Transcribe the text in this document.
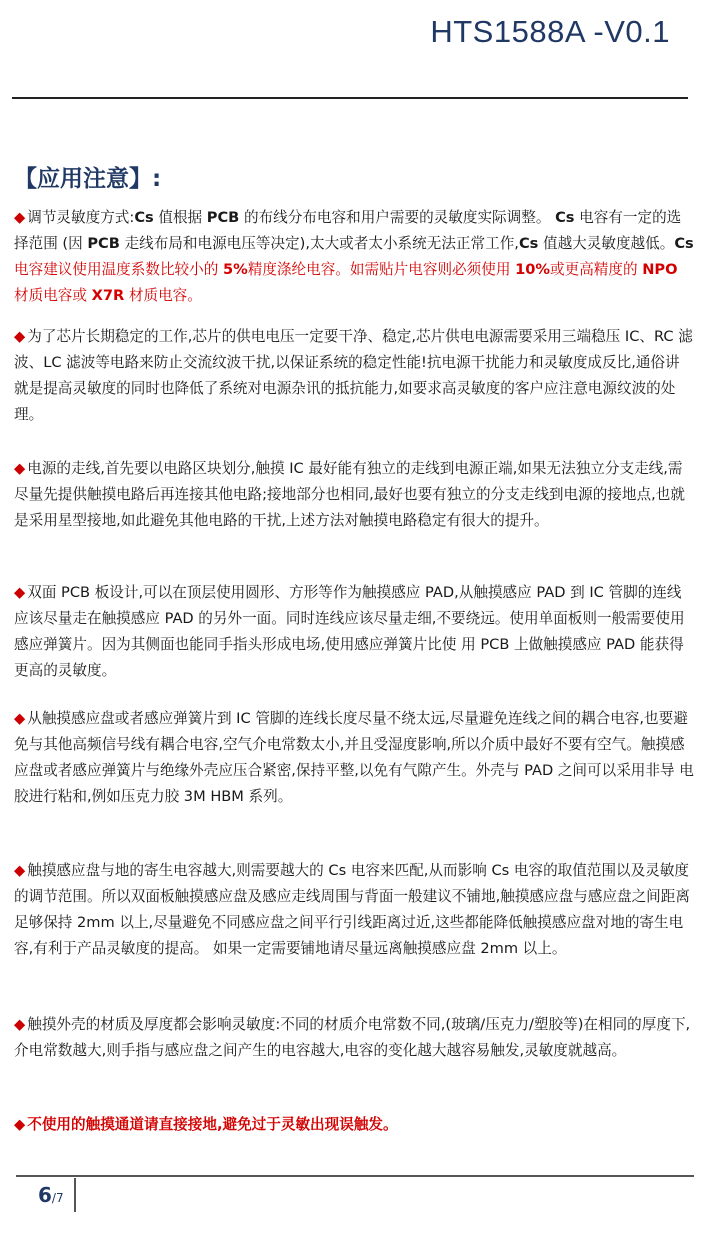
HTS1588A -V0.1
【应用注意】:

◆ 调节灵敏度方式:Cs 值根据 PCB 的布线分布电容和用户需要的灵敏度实际调整。 Cs 电容有一定的选择范围 (因 PCB 走线布局和电源电压等决定),太大或者太小系统无法正常工作,Cs 值越大灵敏度越低。Cs 电容建议使用温度系数比较小的 5%精度涤纶电容。如需贴片电容则必须使用 10%或更高精度的 NPO 材质电容或 X7R 材质电容。

◆ 为了芯片长期稳定的工作,芯片的供电电压一定要干净、稳定,芯片供电电源需要采用三端稳压 IC、RC 滤波、LC 滤波等电路来防止交流纹波干扰,以保证系统的稳定性能!抗电源干扰能力和灵敏度成反比,通俗讲就是提高灵敏度的同时也降低了系统对电源杂讯的抵抗能力,如要求高灵敏度的客户应注意电源纹波的处理。

◆ 电源的走线,首先要以电路区块划分,触摸 IC 最好能有独立的走线到电源正端,如果无法独立分支走线,需尽量先提供触摸电路后再连接其他电路;接地部分也相同,最好也要有独立的分支走线到电源的接地点,也就是采用星型接地,如此避免其他电路的干扰,上述方法对触摸电路稳定有很大的提升。

◆ 双面 PCB 板设计,可以在顶层使用圆形、方形等作为触摸感应 PAD,从触摸感应 PAD 到 IC 管脚的连线应该尽量走在触摸感应 PAD 的另外一面。同时连线应该尽量走细,不要绕远。使用单面板则一般需要使用感应弹簧片。因为其侧面也能同手指头形成电场,使用感应弹簧片比使 用 PCB 上做触摸感应 PAD 能获得更高的灵敏度。

◆ 从触摸感应盘或者感应弹簧片到 IC 管脚的连线长度尽量不绕太远,尽量避免连线之间的耦合电容,也要避免与其他高频信号线有耦合电容,空气介电常数太小,并且受湿度影响,所以介质中最好不要有空气。触摸感应盘或者感应弹簧片与绝缘外壳应压合紧密,保持平整,以免有气隙产生。外壳与 PAD 之间可以采用非导 电胶进行粘和,例如压克力胶 3M HBM 系列。

◆ 触摸感应盘与地的寄生电容越大,则需要越大的 Cs 电容来匹配,从而影响 Cs 电容的取值范围以及灵敏度的调节范围。所以双面板触摸感应盘及感应走线周围与背面一般建议不铺地,触摸感应盘与感应盘之间距离足够保持 2mm 以上,尽量避免不同感应盘之间平行引线距离过近,这些都能降低触摸感应盘对地的寄生电容,有利于产品灵敏度的提高。 如果一定需要铺地请尽量远离触摸感应盘 2mm 以上。

◆ 触摸外壳的材质及厚度都会影响灵敏度:不同的材质介电常数不同,(玻璃/压克力/塑胶等)在相同的厚度下,介电常数越大,则手指与感应盘之间产生的电容越大,电容的变化越大越容易触发,灵敏度就越高。

◆ 不使用的触摸通道请直接接地,避免过于灵敏出现误触发。

6/7
